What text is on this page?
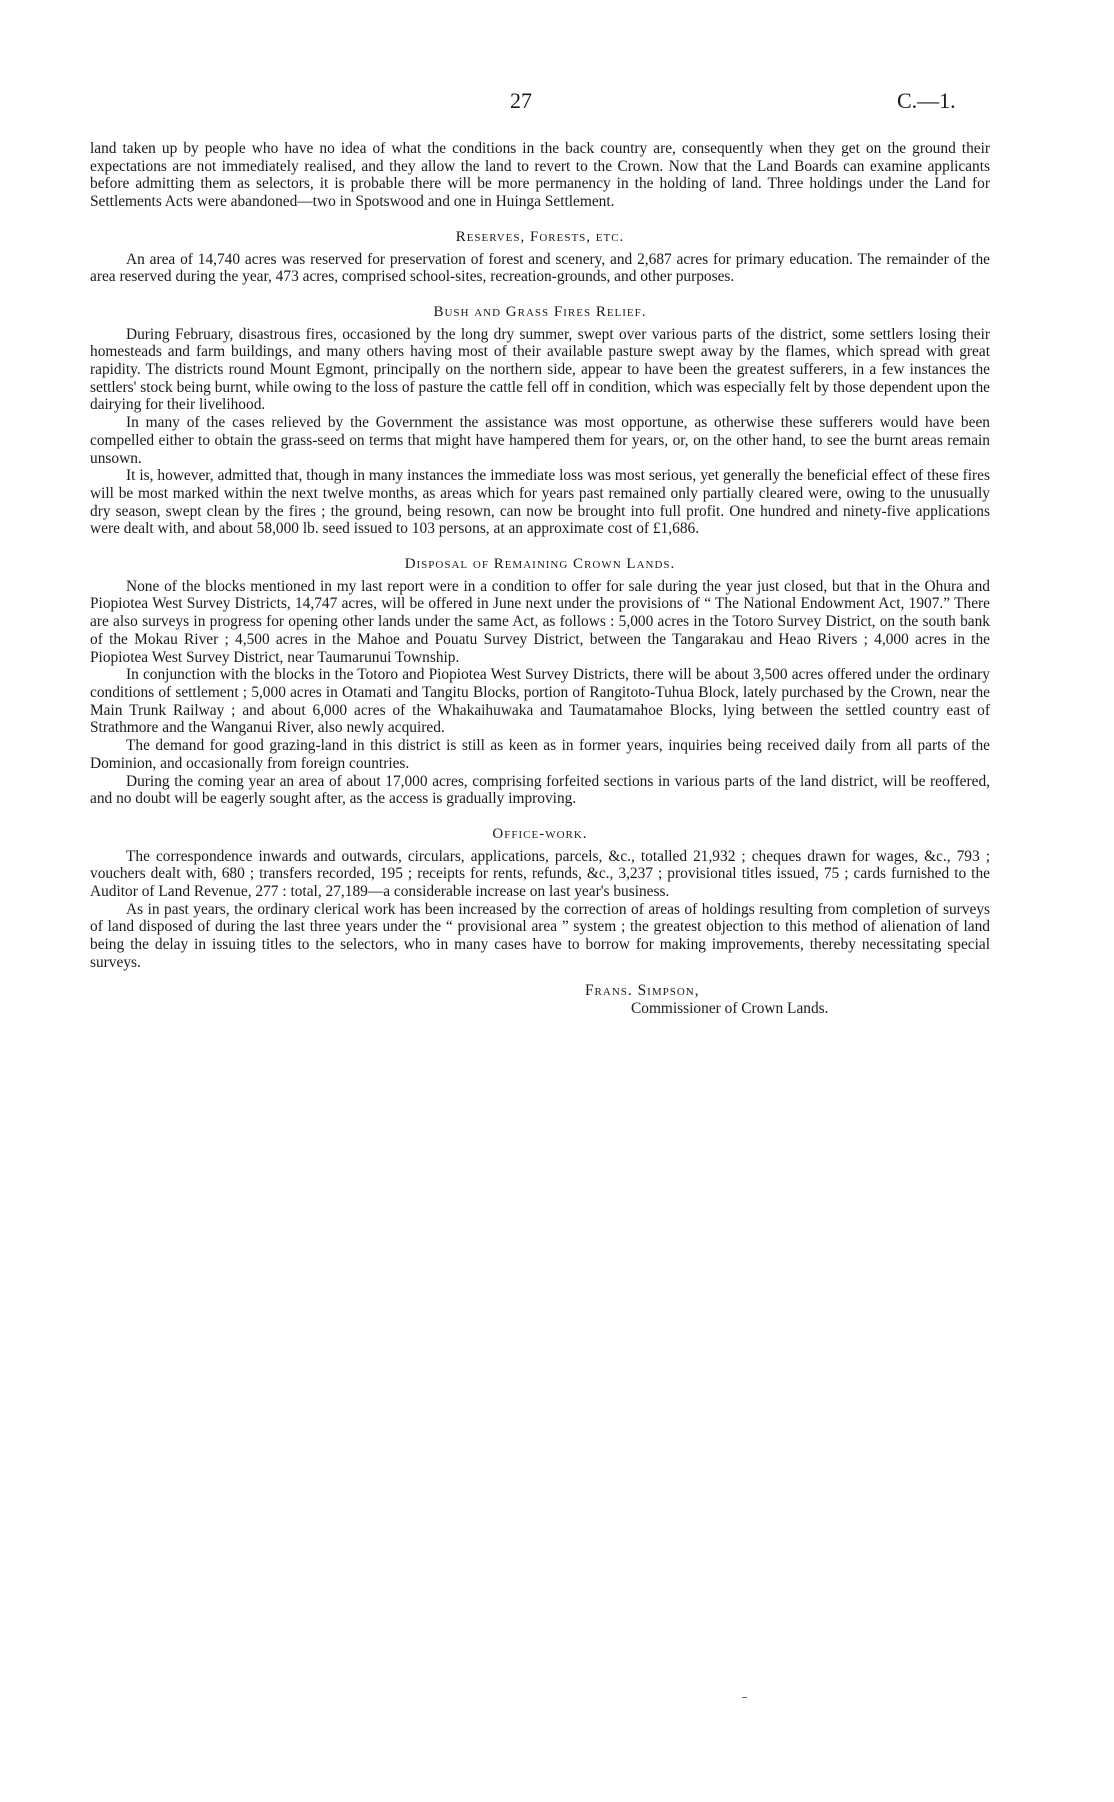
27	C.—1.

land taken up by people who have no idea of what the conditions in the back country are, consequently when they get on the ground their expectations are not immediately realised, and they allow the land to revert to the Crown. Now that the Land Boards can examine applicants before admitting them as selectors, it is probable there will be more permanency in the holding of land. Three holdings under the Land for Settlements Acts were abandoned—two in Spotswood and one in Huinga Settlement.

Reserves, Forests, etc.

An area of 14,740 acres was reserved for preservation of forest and scenery, and 2,687 acres for primary education. The remainder of the area reserved during the year, 473 acres, comprised school-sites, recreation-grounds, and other purposes.

Bush and Grass Fires Relief.

During February, disastrous fires, occasioned by the long dry summer, swept over various parts of the district, some settlers losing their homesteads and farm buildings, and many others having most of their available pasture swept away by the flames, which spread with great rapidity. The districts round Mount Egmont, principally on the northern side, appear to have been the greatest sufferers, in a few instances the settlers' stock being burnt, while owing to the loss of pasture the cattle fell off in condition, which was especially felt by those dependent upon the dairying for their livelihood.

In many of the cases relieved by the Government the assistance was most opportune, as otherwise these sufferers would have been compelled either to obtain the grass-seed on terms that might have hampered them for years, or, on the other hand, to see the burnt areas remain unsown.

It is, however, admitted that, though in many instances the immediate loss was most serious, yet generally the beneficial effect of these fires will be most marked within the next twelve months, as areas which for years past remained only partially cleared were, owing to the unusually dry season, swept clean by the fires ; the ground, being resown, can now be brought into full profit. One hundred and ninety-five applications were dealt with, and about 58,000 lb. seed issued to 103 persons, at an approximate cost of £1,686.

Disposal of Remaining Crown Lands.

None of the blocks mentioned in my last report were in a condition to offer for sale during the year just closed, but that in the Ohura and Piopiotea West Survey Districts, 14,747 acres, will be offered in June next under the provisions of “ The National Endowment Act, 1907.” There are also surveys in progress for opening other lands under the same Act, as follows : 5,000 acres in the Totoro Survey District, on the south bank of the Mokau River ; 4,500 acres in the Mahoe and Pouatu Survey District, between the Tangarakau and Heao Rivers ; 4,000 acres in the Piopiotea West Survey District, near Taumarunui Township.

In conjunction with the blocks in the Totoro and Piopiotea West Survey Districts, there will be about 3,500 acres offered under the ordinary conditions of settlement ; 5,000 acres in Otamati and Tangitu Blocks, portion of Rangitoto-Tuhua Block, lately purchased by the Crown, near the Main Trunk Railway ; and about 6,000 acres of the Whakaihuwaka and Taumatamahoe Blocks, lying between the settled country east of Strathmore and the Wanganui River, also newly acquired.

The demand for good grazing-land in this district is still as keen as in former years, inquiries being received daily from all parts of the Dominion, and occasionally from foreign countries.

During the coming year an area of about 17,000 acres, comprising forfeited sections in various parts of the land district, will be reoffered, and no doubt will be eagerly sought after, as the access is gradually improving.

Office-work.

The correspondence inwards and outwards, circulars, applications, parcels, &c., totalled 21,932 ; cheques drawn for wages, &c., 793 ; vouchers dealt with, 680 ; transfers recorded, 195 ; receipts for rents, refunds, &c., 3,237 ; provisional titles issued, 75 ; cards furnished to the Auditor of Land Revenue, 277 : total, 27,189—a considerable increase on last year's business.

As in past years, the ordinary clerical work has been increased by the correction of areas of holdings resulting from completion of surveys of land disposed of during the last three years under the “ provisional area ” system ; the greatest objection to this method of alienation of land being the delay in issuing titles to the selectors, who in many cases have to borrow for making improvements, thereby necessitating special surveys.

Frans. Simpson,
Commissioner of Crown Lands.
